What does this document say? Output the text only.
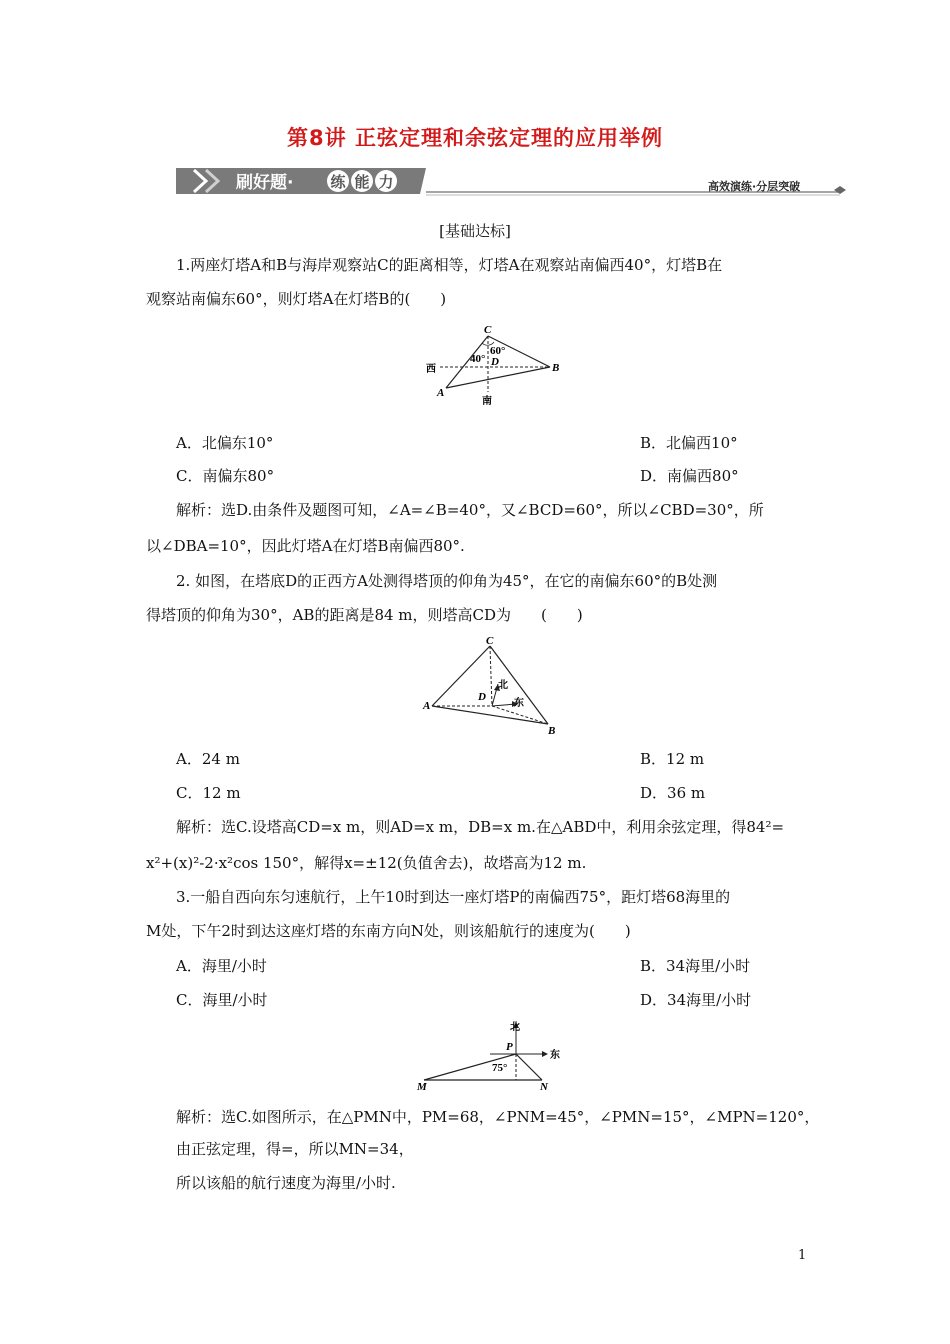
第8讲 正弦定理和余弦定理的应用举例
刷好题· 练 能 力	高效演练·分层突破
[基础达标]
1.两座灯塔A和B与海岸观察站C的距离相等，灯塔A在观察站南偏西40°，灯塔B在
观察站南偏东60°，则灯塔A在灯塔B的(　　)
C
D
A
B
西
南
60°
40°
A．北偏东10°	B．北偏西10°
C．南偏东80°	D．南偏西80°
解析：选D.由条件及题图可知，∠A=∠B=40°，又∠BCD=60°，所以∠CBD=30°，所
以∠DBA=10°，因此灯塔A在灯塔B南偏西80°.
2. 如图，在塔底D的正西方A处测得塔顶的仰角为45°，在它的南偏东60°的B处测
得塔顶的仰角为30°，AB的距离是84 m，则塔高CD为　　(　　)
C
D
A
B
北
东
A．24 m	B．12 m
C．12 m	D．36 m
解析：选C.设塔高CD=x m，则AD=x m，DB=x m.在△ABD中，利用余弦定理，得84²=
x²+(x)²-2·x²cos 150°，解得x=±12(负值舍去)，故塔高为12 m.
3.一船自西向东匀速航行，上午10时到达一座灯塔P的南偏西75°，距灯塔68海里的
M处，下午2时到达这座灯塔的东南方向N处，则该船航行的速度为(　　)
A．海里/小时	B．34海里/小时
C．海里/小时	D．34海里/小时
北
东
P
M	N
75°
解析：选C.如图所示，在△PMN中，PM=68，∠PNM=45°，∠PMN=15°，∠MPN=120°，
由正弦定理，得=，所以MN=34，
所以该船的航行速度为海里/小时.
1
